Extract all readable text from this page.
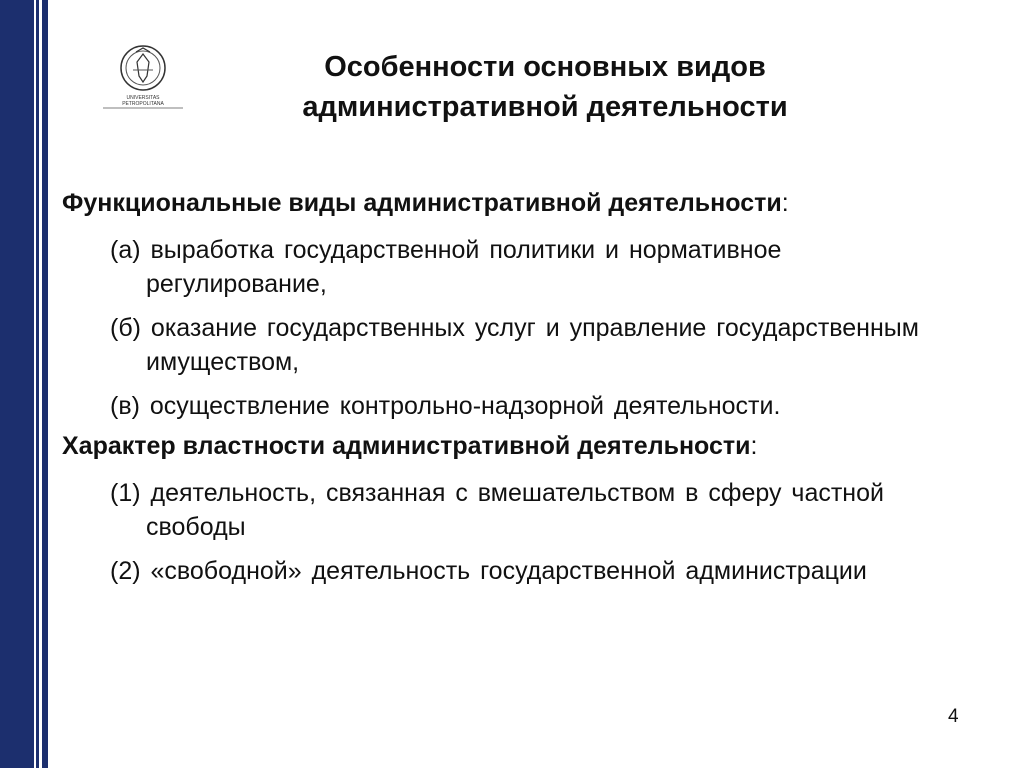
UNIVERSITAS
PETROPOLITANA
Особенности основных видов
административной деятельности
Функциональные виды административной деятельности:
(а) выработка государственной политики и нормативное регулирование,
(б) оказание государственных услуг и управление государственным имуществом,
(в) осуществление контрольно-надзорной деятельности.
Характер властности административной деятельности:
(1) деятельность, связанная с вмешательством в сферу частной свободы
(2) «свободной» деятельность государственной администрации
4
